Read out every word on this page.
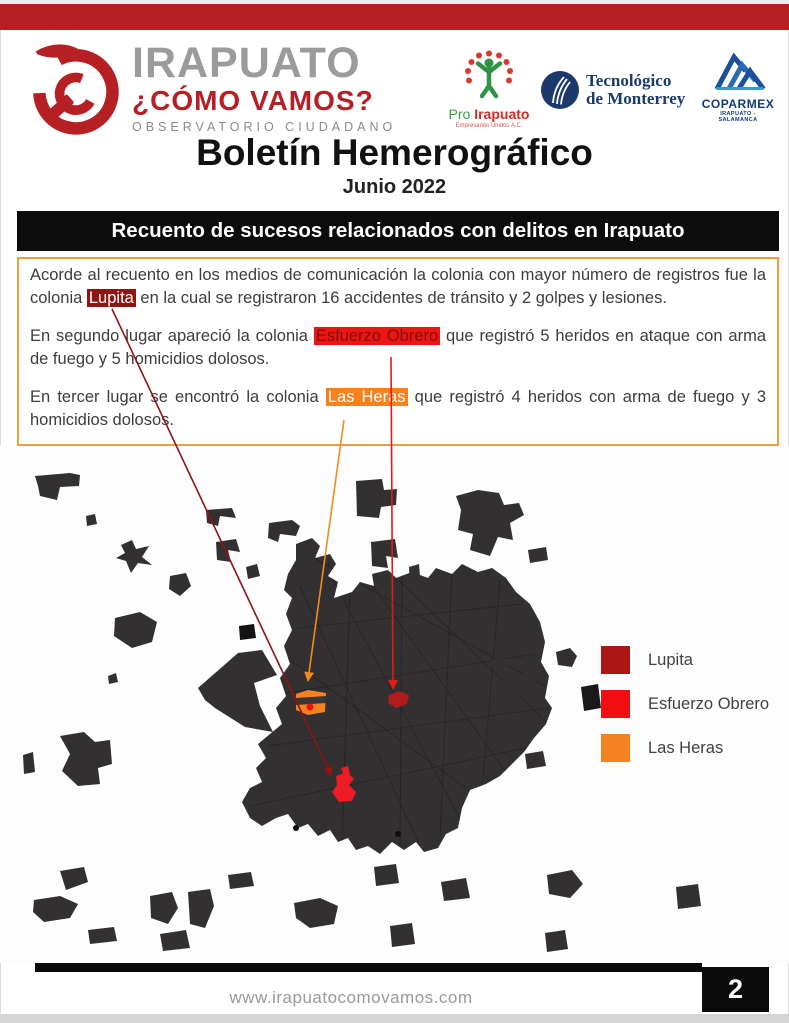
IRAPUATO
¿CÓMO VAMOS?
OBSERVATORIO CIUDADANO
Pro Irapuato
Empresarios Unidos A.C.
Tecnológico
de Monterrey COPARMEX
IRAPUATO - SALAMANCA
Boletín Hemerográfico
Junio 2022
Recuento de sucesos relacionados con delitos en Irapuato

Acorde al recuento en los medios de comunicación la colonia con mayor número de registros fue la colonia Lupita en la cual se registraron 16 accidentes de tránsito y 2 golpes y lesiones.

En segundo lugar apareció la colonia Esfuerzo Obrero que registró 5 heridos en ataque con arma de fuego y 5 homicidios dolosos.

En tercer lugar se encontró la colonia Las Heras que registró 4 heridos con arma de fuego y 3 homicidios dolosos.

Lupita
Esfuerzo Obrero
Las Heras
www.irapuatocomovamos.com	2
